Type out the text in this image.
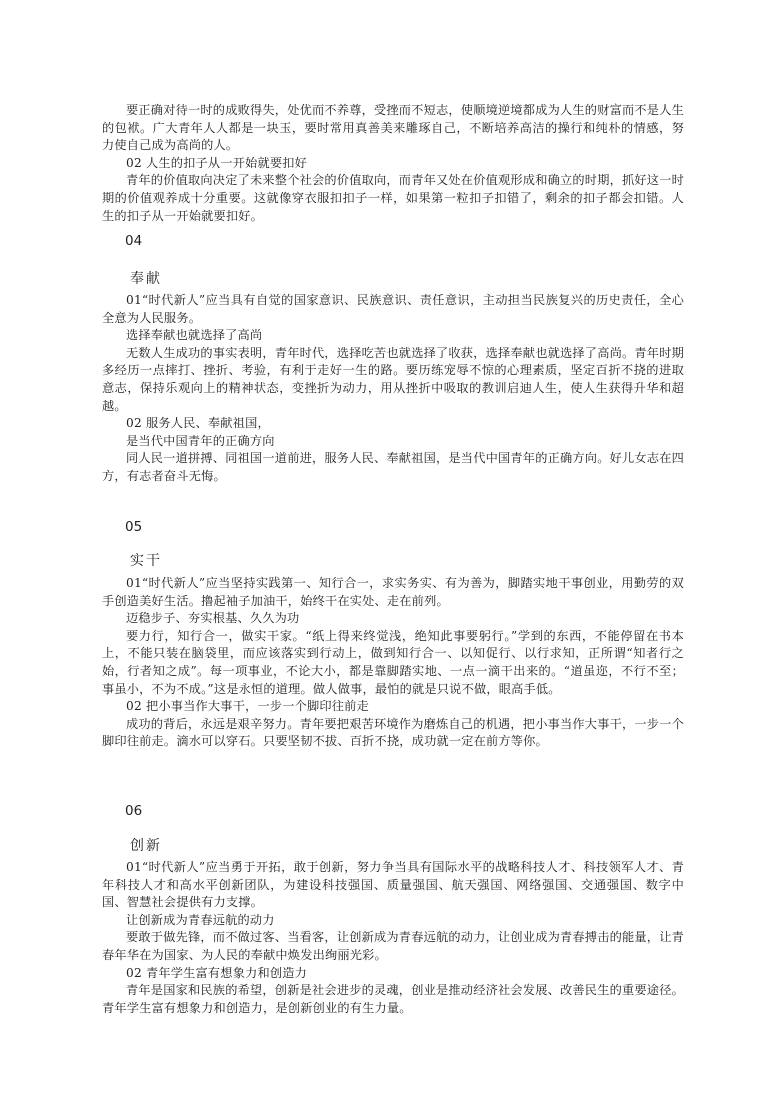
要正确对待一时的成败得失，处优而不养尊，受挫而不短志，使顺境逆境都成为人生的财富而不是人生的包袱。广大青年人人都是一块玉，要时常用真善美来雕琢自己，不断培养高洁的操行和纯朴的情感，努力使自己成为高尚的人。

02 人生的扣子从一开始就要扣好

青年的价值取向决定了未来整个社会的价值取向，而青年又处在价值观形成和确立的时期，抓好这一时期的价值观养成十分重要。这就像穿衣服扣扣子一样，如果第一粒扣子扣错了，剩余的扣子都会扣错。人生的扣子从一开始就要扣好。

04
奉献

01“时代新人”应当具有自觉的国家意识、民族意识、责任意识，主动担当民族复兴的历史责任，全心全意为人民服务。

选择奉献也就选择了高尚

无数人生成功的事实表明，青年时代，选择吃苦也就选择了收获，选择奉献也就选择了高尚。青年时期多经历一点摔打、挫折、考验，有利于走好一生的路。要历练宠辱不惊的心理素质，坚定百折不挠的进取意志，保持乐观向上的精神状态，变挫折为动力，用从挫折中吸取的教训启迪人生，使人生获得升华和超越。

02 服务人民、奉献祖国，

是当代中国青年的正确方向

同人民一道拼搏、同祖国一道前进，服务人民、奉献祖国，是当代中国青年的正确方向。好儿女志在四方，有志者奋斗无悔。

05
实干

01“时代新人”应当坚持实践第一、知行合一，求实务实、有为善为，脚踏实地干事创业，用勤劳的双手创造美好生活。撸起袖子加油干，始终干在实处、走在前列。

迈稳步子、夯实根基、久久为功

要力行，知行合一，做实干家。“纸上得来终觉浅，绝知此事要躬行。”学到的东西，不能停留在书本上，不能只装在脑袋里，而应该落实到行动上，做到知行合一、以知促行、以行求知，正所谓“知者行之始，行者知之成”。每一项事业，不论大小，都是靠脚踏实地、一点一滴干出来的。“道虽迩，不行不至；事虽小，不为不成。”这是永恒的道理。做人做事，最怕的就是只说不做，眼高手低。

02 把小事当作大事干，一步一个脚印往前走

成功的背后，永远是艰辛努力。青年要把艰苦环境作为磨炼自己的机遇，把小事当作大事干，一步一个脚印往前走。滴水可以穿石。只要坚韧不拔、百折不挠，成功就一定在前方等你。

06
创新

01“时代新人”应当勇于开拓，敢于创新，努力争当具有国际水平的战略科技人才、科技领军人才、青年科技人才和高水平创新团队，为建设科技强国、质量强国、航天强国、网络强国、交通强国、数字中国、智慧社会提供有力支撑。

让创新成为青春远航的动力

要敢于做先锋，而不做过客、当看客，让创新成为青春远航的动力，让创业成为青春搏击的能量，让青春年华在为国家、为人民的奉献中焕发出绚丽光彩。

02 青年学生富有想象力和创造力

青年是国家和民族的希望，创新是社会进步的灵魂，创业是推动经济社会发展、改善民生的重要途径。青年学生富有想象力和创造力，是创新创业的有生力量。
